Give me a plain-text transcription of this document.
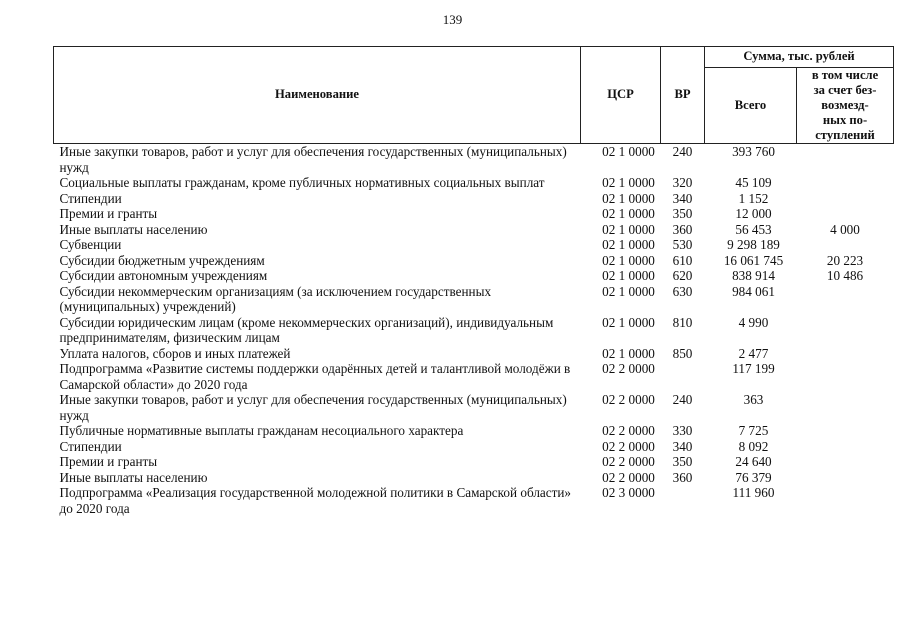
139
Наименование	ЦСР	ВР	Сумма, тыс. рублей	
			Всего	в том числе
за счет без-
возмезд-
ных по-
ступлений
Иные закупки товаров, работ и услуг для обеспечения государственных (муниципальных) нужд	02 1 0000	240	393 760	
Социальные выплаты гражданам, кроме публичных нормативных социальных выплат	02 1 0000	320	45 109	
Стипендии	02 1 0000	340	1 152	
Премии и гранты	02 1 0000	350	12 000	
Иные выплаты населению	02 1 0000	360	56 453	4 000
Субвенции	02 1 0000	530	9 298 189	
Субсидии бюджетным учреждениям	02 1 0000	610	16 061 745	20 223
Субсидии автономным учреждениям	02 1 0000	620	838 914	10 486
Субсидии некоммерческим организациям (за исключением государственных (муниципальных) учреждений)	02 1 0000	630	984 061	
Субсидии юридическим лицам (кроме некоммерческих организаций), индивидуальным предпринимателям, физическим лицам	02 1 0000	810	4 990	
Уплата налогов, сборов и иных платежей	02 1 0000	850	2 477	
Подпрограмма «Развитие системы поддержки одарённых детей и талантливой молодёжи в Самарской области» до 2020 года	02 2 0000		117 199	
Иные закупки товаров, работ и услуг для обеспечения государственных (муниципальных) нужд	02 2 0000	240	363	
Публичные нормативные выплаты гражданам несоциального характера	02 2 0000	330	7 725	
Стипендии	02 2 0000	340	8 092	
Премии и гранты	02 2 0000	350	24 640	
Иные выплаты населению	02 2 0000	360	76 379	
Подпрограмма «Реализация государственной молодежной политики в Самарской области» до 2020 года	02 3 0000		111 960	
